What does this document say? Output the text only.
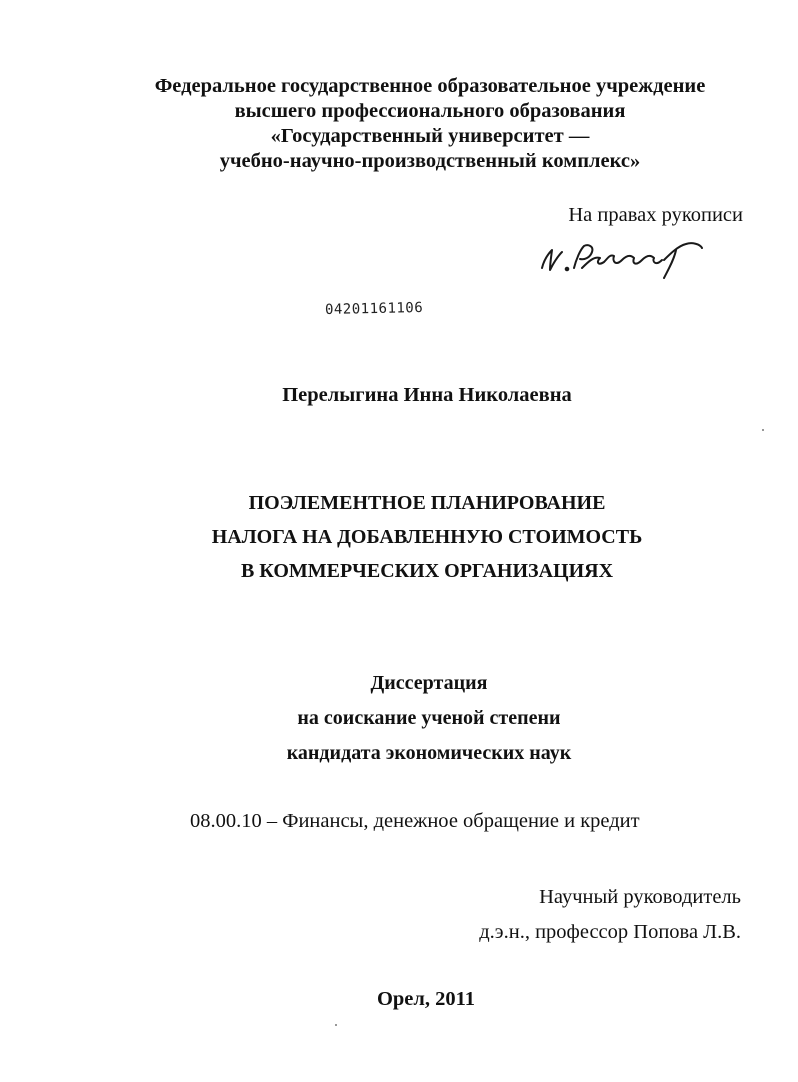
Федеральное государственное образовательное учреждение
высшего профессионального образования
«Государственный университет —
учебно-научно-производственный комплекс»
На правах рукописи
04201161106
Перелыгина Инна Николаевна
ПОЭЛЕМЕНТНОЕ ПЛАНИРОВАНИЕ
НАЛОГА НА ДОБАВЛЕННУЮ СТОИМОСТЬ
В КОММЕРЧЕСКИХ ОРГАНИЗАЦИЯХ
Диссертация
на соискание ученой степени
кандидата экономических наук
08.00.10 – Финансы, денежное обращение и кредит
Научный руководитель
д.э.н., профессор Попова Л.В.
Орел, 2011
